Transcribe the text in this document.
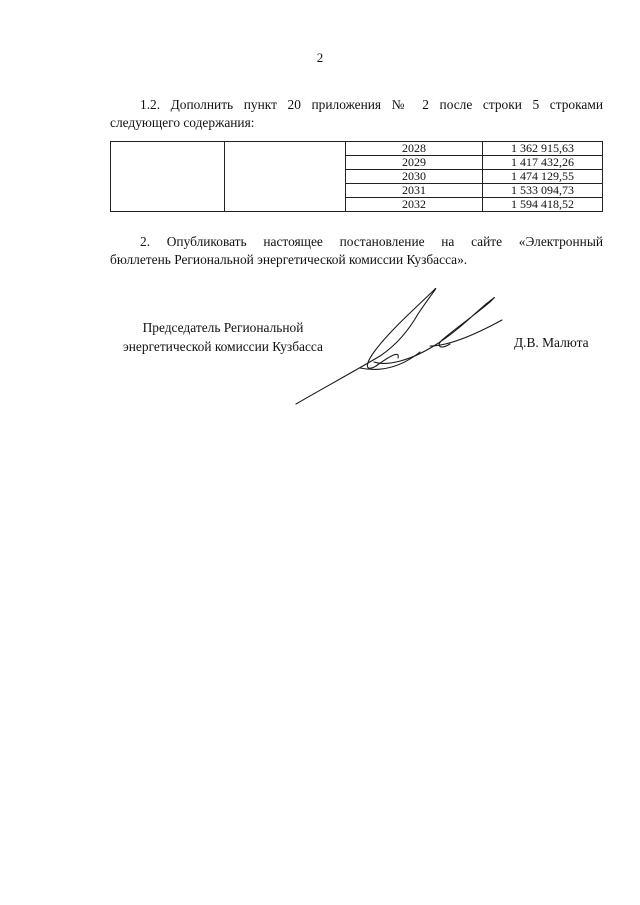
2
1.2. Дополнить пункт 20 приложения № 2 после строки 5 строками
следующего содержания:
		2028	1 362 915,63
		2029	1 417 432,26
		2030	1 474 129,55
		2031	1 533 094,73
		2032	1 594 418,52
2. Опубликовать настоящее постановление на сайте «Электронный
бюллетень Региональной энергетической комиссии Кузбасса».
Председатель Региональной
энергетической комиссии Кузбасса	Д.В. Малюта
